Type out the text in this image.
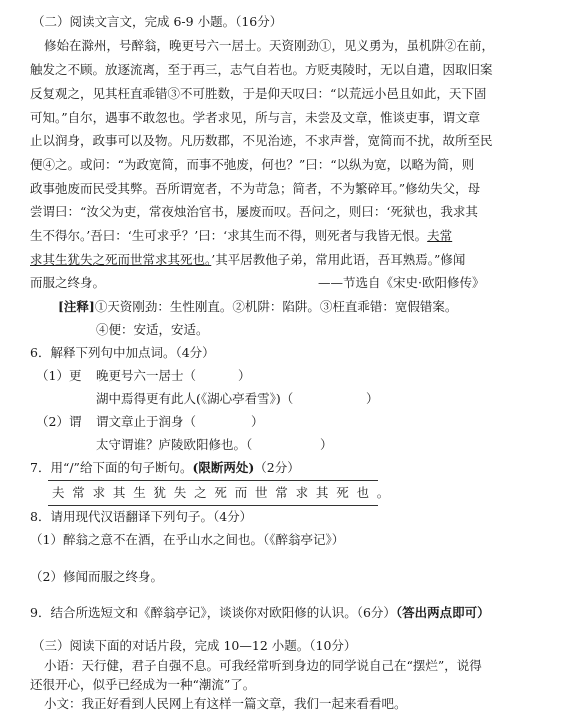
（二）阅读文言文，完成 6-9 小题。（16分）
修始在滁州，号醉翁，晚更号六一居士。天资刚劲①，见义勇为，虽机阱②在前，
触发之不顾。放逐流离，至于再三，志气自若也。方贬夷陵时，无以自遣，因取旧案
反复观之，见其枉直乖错③不可胜数，于是仰天叹曰：“以荒远小邑且如此，天下固
可知。”自尔，遇事不敢忽也。学者求见，所与言，未尝及文章，惟谈吏事，谓文章
止以润身，政事可以及物。凡历数郡，不见治迹，不求声誉，宽简而不扰，故所至民
便④之。或问：“为政宽简，而事不弛废，何也？”曰：“以纵为宽，以略为简，则
政事弛废而民受其弊。吾所谓宽者，不为苛急；简者，不为繁碎耳。”修幼失父，母
尝谓曰：“汝父为吏，常夜烛治官书，屡废而叹。吾问之，则曰：‘死狱也，我求其
生不得尔。’吾曰：‘生可求乎？’曰：‘求其生而不得，则死者与我皆无恨。夫常
求其生犹失之死而世常求其死也。’其平居教他子弟，常用此语，吾耳熟焉。”修闻
而服之终身。	——节选自《宋史·欧阳修传》
[注释]①天资刚劲：生性刚直。②机阱：陷阱。③枉直乖错：宽假错案。
④便：安适，安适。
6．解释下列句中加点词。（4分）
（1）更 晚更号六一居士（	）
湖中焉得更有此人(《湖心亭看雪》)（	）
（2）谓 谓文章止于润身（	）
太守谓谁？庐陵欧阳修也。（	）
7．用“/”给下面的句子断句。(限断两处)（2分）
夫常求其生犹失之死而世常求其死也。
8．请用现代汉语翻译下列句子。（4分）
（1）醉翁之意不在酒，在乎山水之间也。（《醉翁亭记》）
（2）修闻而服之终身。
9．结合所选短文和《醉翁亭记》，谈谈你对欧阳修的认识。（6分）（答出两点即可）
（三）阅读下面的对话片段，完成 10—12 小题。（10分）
小语：天行健，君子自强不息。可我经常听到身边的同学说自己在“摆烂”，说得
还很开心，似乎已经成为一种“潮流”了。
小文：我正好看到人民网上有这样一篇文章，我们一起来看看吧。
